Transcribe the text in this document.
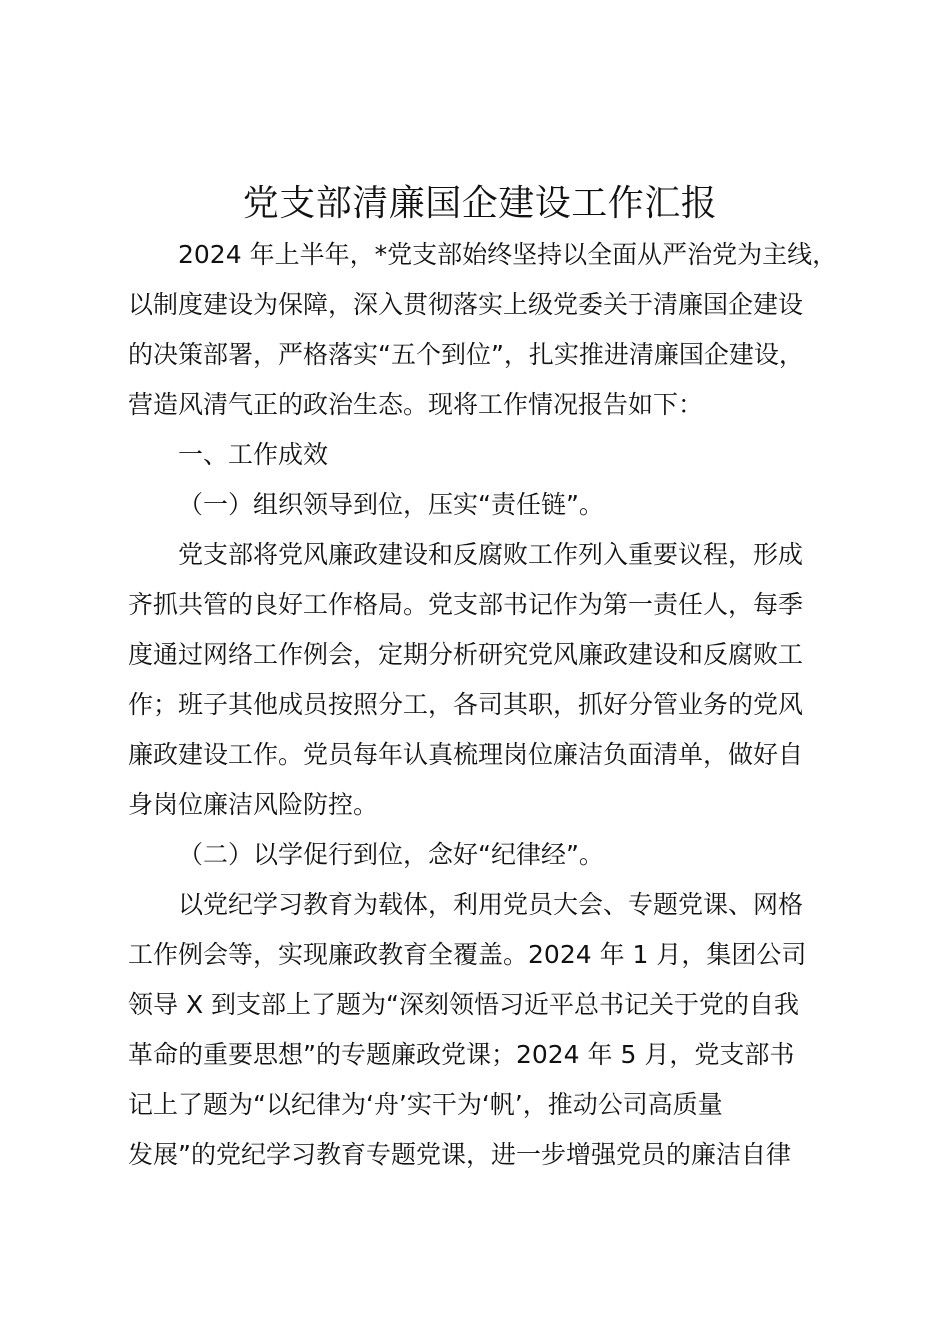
党支部清廉国企建设工作汇报
2024 年上半年，*党支部始终坚持以全面从严治党为主线，
以制度建设为保障，深入贯彻落实上级党委关于清廉国企建设
的决策部署，严格落实“五个到位”，扎实推进清廉国企建设，
营造风清气正的政治生态。现将工作情况报告如下：
一、工作成效
（一）组织领导到位，压实“责任链”。
党支部将党风廉政建设和反腐败工作列入重要议程，形成
齐抓共管的良好工作格局。党支部书记作为第一责任人，每季
度通过网络工作例会，定期分析研究党风廉政建设和反腐败工
作；班子其他成员按照分工，各司其职，抓好分管业务的党风
廉政建设工作。党员每年认真梳理岗位廉洁负面清单，做好自
身岗位廉洁风险防控。
（二）以学促行到位，念好“纪律经”。
以党纪学习教育为载体，利用党员大会、专题党课、网格
工作例会等，实现廉政教育全覆盖。2024 年 1 月，集团公司
领导 X 到支部上了题为“深刻领悟习近平总书记关于党的自我
革命的重要思想”的专题廉政党课；2024 年 5 月，党支部书
记上了题为“以纪律为‘舟’实干为‘帆’，推动公司高质量
发展”的党纪学习教育专题党课，进一步增强党员的廉洁自律
